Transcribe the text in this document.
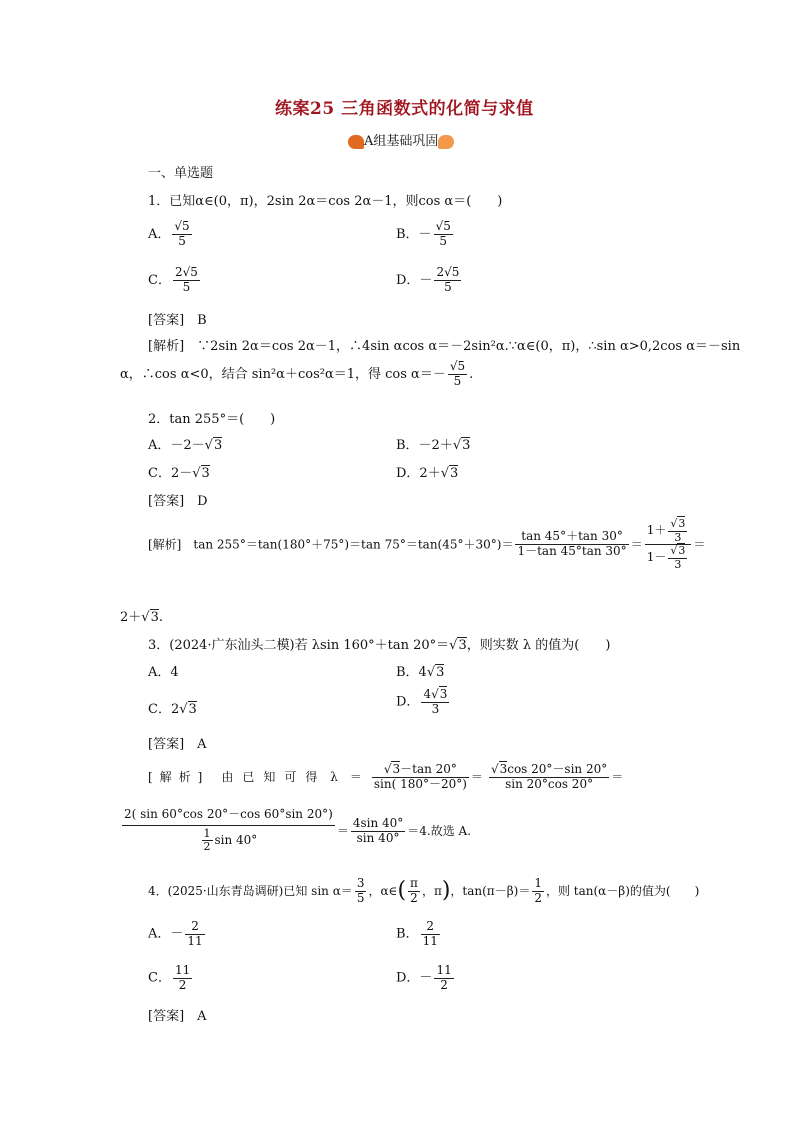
练案25 三角函数式的化简与求值
A组基础巩固
一、单选题
1．已知α∈(0，π)，2sin 2α＝cos 2α－1，则cos α＝(　　)
A． $\frac{√5}{5}$	B．－ $\frac{√5}{5}$
C． $\frac{2√5}{5}$	D．－ $\frac{2√5}{5}$
[答案]　 B
[解析]　 ∵2sin 2α＝cos 2α－1，∴4sin αcos α＝－2sin²α.∵α∈(0，π)，∴sin α>0,2cos α＝－sin
α，∴cos α<0，结合 sin²α＋cos²α＝1，得 $\cos \alpha=- \frac{√5}{5}$ .
2．tan 255°＝(　　)
A．－2－√3	B．－2＋√3
C．2－√3	D．2＋√3
[答案]　 D
[解析]　 tan 255°＝tan(180°＋75°)＝tan $75^\circ=\tan(45^\circ+30^\circ)= \frac{\tan 45^\circ+\tan 30^\circ}{1-\tan 45^\circ\tan 30^\circ} = \frac{1+ \frac{√3}{3}}{1- \frac{√3}{3}}$ ＝
2＋√3.
3．(2024·广东汕头二模)若 λsin 160°＋tan 20°＝√3，则实数 λ 的值为(　　)
A．4	B．4√3
C．2√3	D． $\frac{4√3}{3}$
[答案]　 A
[解析]　 由已知可得 λ　＝ $\frac{√3-\tan 20^\circ}{\sin( 180^\circ-20^\circ)} = \frac{√3\cos 20^\circ-\sin 20^\circ}{\sin 20^\circ\cos 20^\circ}$ ＝
$\frac{2( \sin 60^\circ\cos 20^\circ-\cos 60^\circ\sin 20^\circ)}{\frac{1}{2} \sin 40^\circ} = \frac{4\sin 40^\circ}{\sin 40^\circ} =4$.故选 A.
4．(2025·山东青岛调研)已知 $\sin \alpha= \frac{3}{5}$ ，α∈( $\frac{\pi}{2}$ ，π)，$\tan(\pi-\beta)= \frac{1}{2}$ ，则 tan(α－β)的值为(　　)
A．－ $\frac{2}{11}$	B． $\frac{2}{11}$
C． $\frac{11}{2}$	D．－ $\frac{11}{2}$
[答案]　 A
